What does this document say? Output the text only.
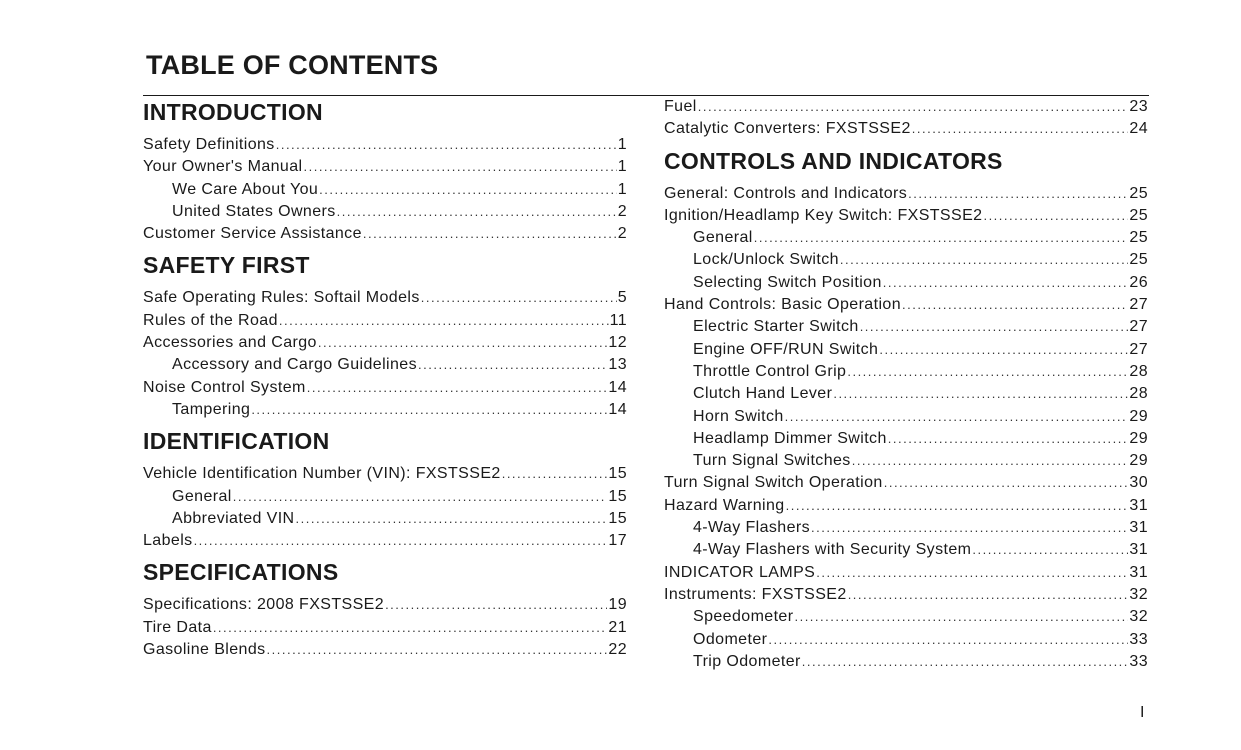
TABLE OF CONTENTS
INTRODUCTION
Safety Definitions .....	1
Your Owner's Manual .....	1
We Care About You .....	1
United States Owners .....	2
Customer Service Assistance .....	2
SAFETY FIRST
Safe Operating Rules: Softail Models .....	5
Rules of the Road .....	11
Accessories and Cargo .....	12
Accessory and Cargo Guidelines .....	13
Noise Control System .....	14
Tampering .....	14
IDENTIFICATION
Vehicle Identification Number (VIN): FXSTSSE2 .....	15
General .....	15
Abbreviated VIN .....	15
Labels .....	17
SPECIFICATIONS
Specifications: 2008 FXSTSSE2 .....	19
Tire Data .....	21
Gasoline Blends .....	22
Fuel .....	23
Catalytic Converters: FXSTSSE2 .....	24
CONTROLS AND INDICATORS
General: Controls and Indicators .....	25
Ignition/Headlamp Key Switch: FXSTSSE2 .....	25
General .....	25
Lock/Unlock Switch .....	25
Selecting Switch Position .....	26
Hand Controls: Basic Operation .....	27
Electric Starter Switch .....	27
Engine OFF/RUN Switch .....	27
Throttle Control Grip .....	28
Clutch Hand Lever .....	28
Horn Switch .....	29
Headlamp Dimmer Switch .....	29
Turn Signal Switches .....	29
Turn Signal Switch Operation .....	30
Hazard Warning .....	31
4-Way Flashers .....	31
4-Way Flashers with Security System .....	31
INDICATOR LAMPS .....	31
Instruments: FXSTSSE2 .....	32
Speedometer .....	32
Odometer .....	33
Trip Odometer .....	33
I
